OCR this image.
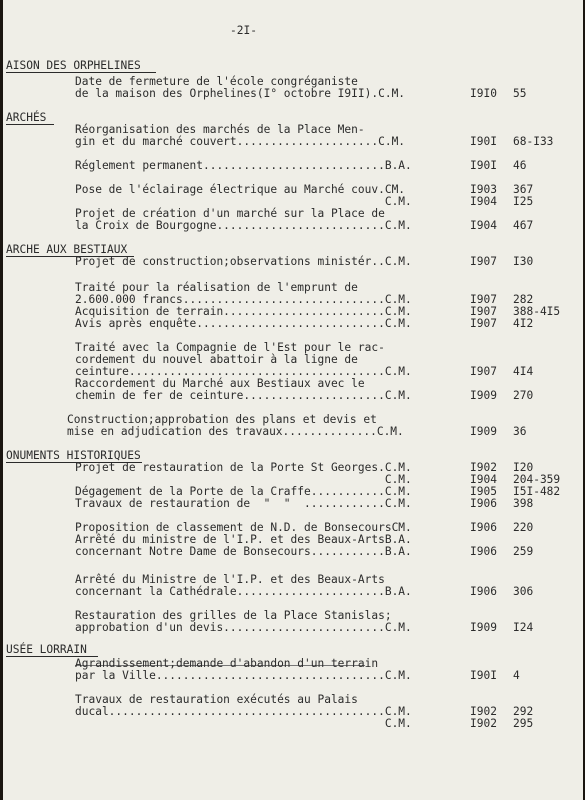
-2I-
AISON DES ORPHELINES
Date de fermeture de l'école congréganiste
de la maison des Orphelines(I° octobre I9II).C.M.	I9I0 55
ARCHÉS
Réorganisation des marchés de la Place Men-
gin et du marché couvert.....................C.M.	I90I 68-I33
Réglement permanent...........................B.A.	I90I 46
Pose de l'éclairage électrique au Marché couv.CM.	I903 367
C.M.	I904 I25
Projet de création d'un marché sur la Place de
la Croix de Bourgogne.........................C.M.	I904 467
ARCHE AUX BESTIAUX
Projet de construction;observations ministér..C.M.	I907 I30
Traité pour la réalisation de l'emprunt de
2.600.000 francs..............................C.M.	I907 282
Acquisition de terrain........................C.M.	I907 388-4I5
Avis après enquête............................C.M.	I907 4I2
Traité avec la Compagnie de l'Est pour le rac-
cordement du nouvel abattoir à la ligne de
ceinture......................................C.M.	I907 4I4
Raccordement du Marché aux Bestiaux avec le
chemin de fer de ceinture.....................C.M.	I909 270
Construction;approbation des plans et devis et
mise en adjudication des travaux..............C.M.	I909 36
ONUMENTS HISTORIQUES
Projet de restauration de la Porte St Georges.C.M.	I902 I20
C.M.	I904 204-359
Dégagement de la Porte de la Craffe...........C.M.	I905 I5I-482
Travaux de restauration de  "  "  ............C.M.	I906 398
Proposition de classement de N.D. de BonsecoursCM.	I906 220
Arrêté du ministre de l'I.P. et des Beaux-ArtsB.A.
concernant Notre Dame de Bonsecours...........B.A.	I906 259
Arrêté du Ministre de l'I.P. et des Beaux-Arts
concernant la Cathédrale......................B.A.	I906 306
Restauration des grilles de la Place Stanislas;
approbation d'un devis........................C.M.	I909 I24
USÉE LORRAIN
Agrandissement;demande d'abandon d'un terrain
par la Ville..................................C.M.	I90I 4
Travaux de restauration exécutés au Palais
ducal.........................................C.M.	I902 292
C.M.	I902 295
